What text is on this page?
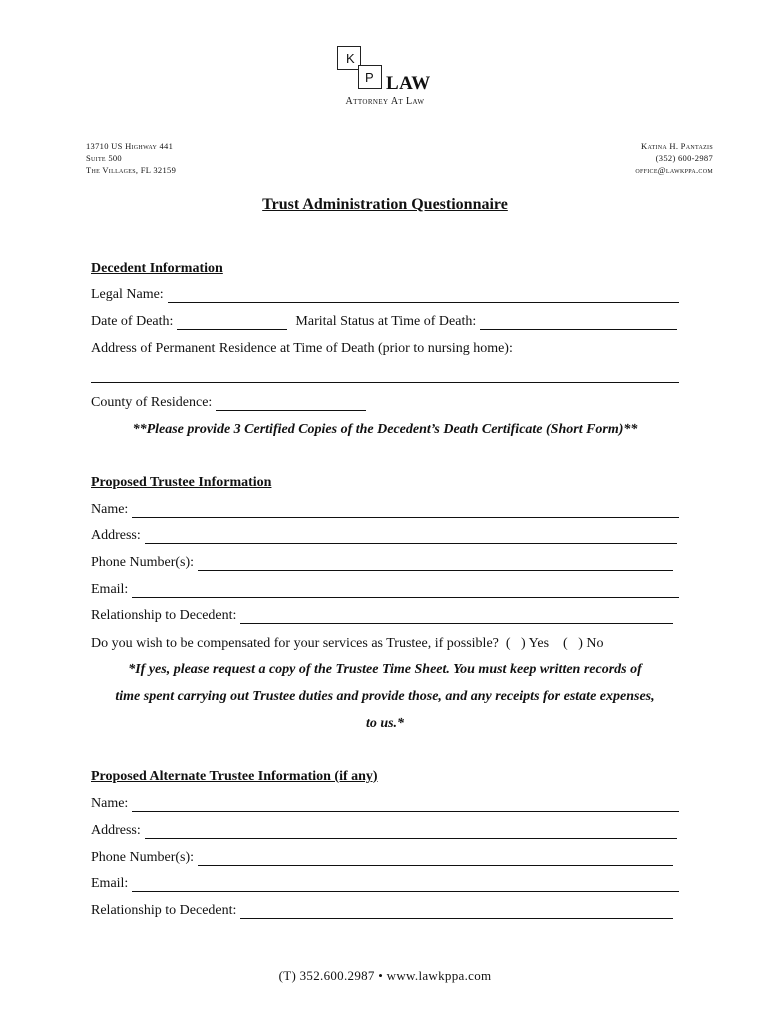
K
P LAW
Attorney At Law
13710 US Highway 441
Suite 500
The Villages, FL 32159
Katina H. Pantazis
(352) 600-2987
office@lawkppa.com
Trust Administration Questionnaire
Decedent Information
Legal Name:
Date of Death:	Marital Status at Time of Death:
Address of Permanent Residence at Time of Death (prior to nursing home):
County of Residence:
**Please provide 3 Certified Copies of the Decedent’s Death Certificate (Short Form)**
Proposed Trustee Information
Name:
Address:
Phone Number(s):
Email:
Relationship to Decedent:
Do you wish to be compensated for your services as Trustee, if possible?  (   ) Yes    (   ) No
*If yes, please request a copy of the Trustee Time Sheet. You must keep written records of
time spent carrying out Trustee duties and provide those, and any receipts for estate expenses,
to us.*
Proposed Alternate Trustee Information (if any)
Name:
Address:
Phone Number(s):
Email:
Relationship to Decedent:
(T) 352.600.2987 • www.lawkppa.com
